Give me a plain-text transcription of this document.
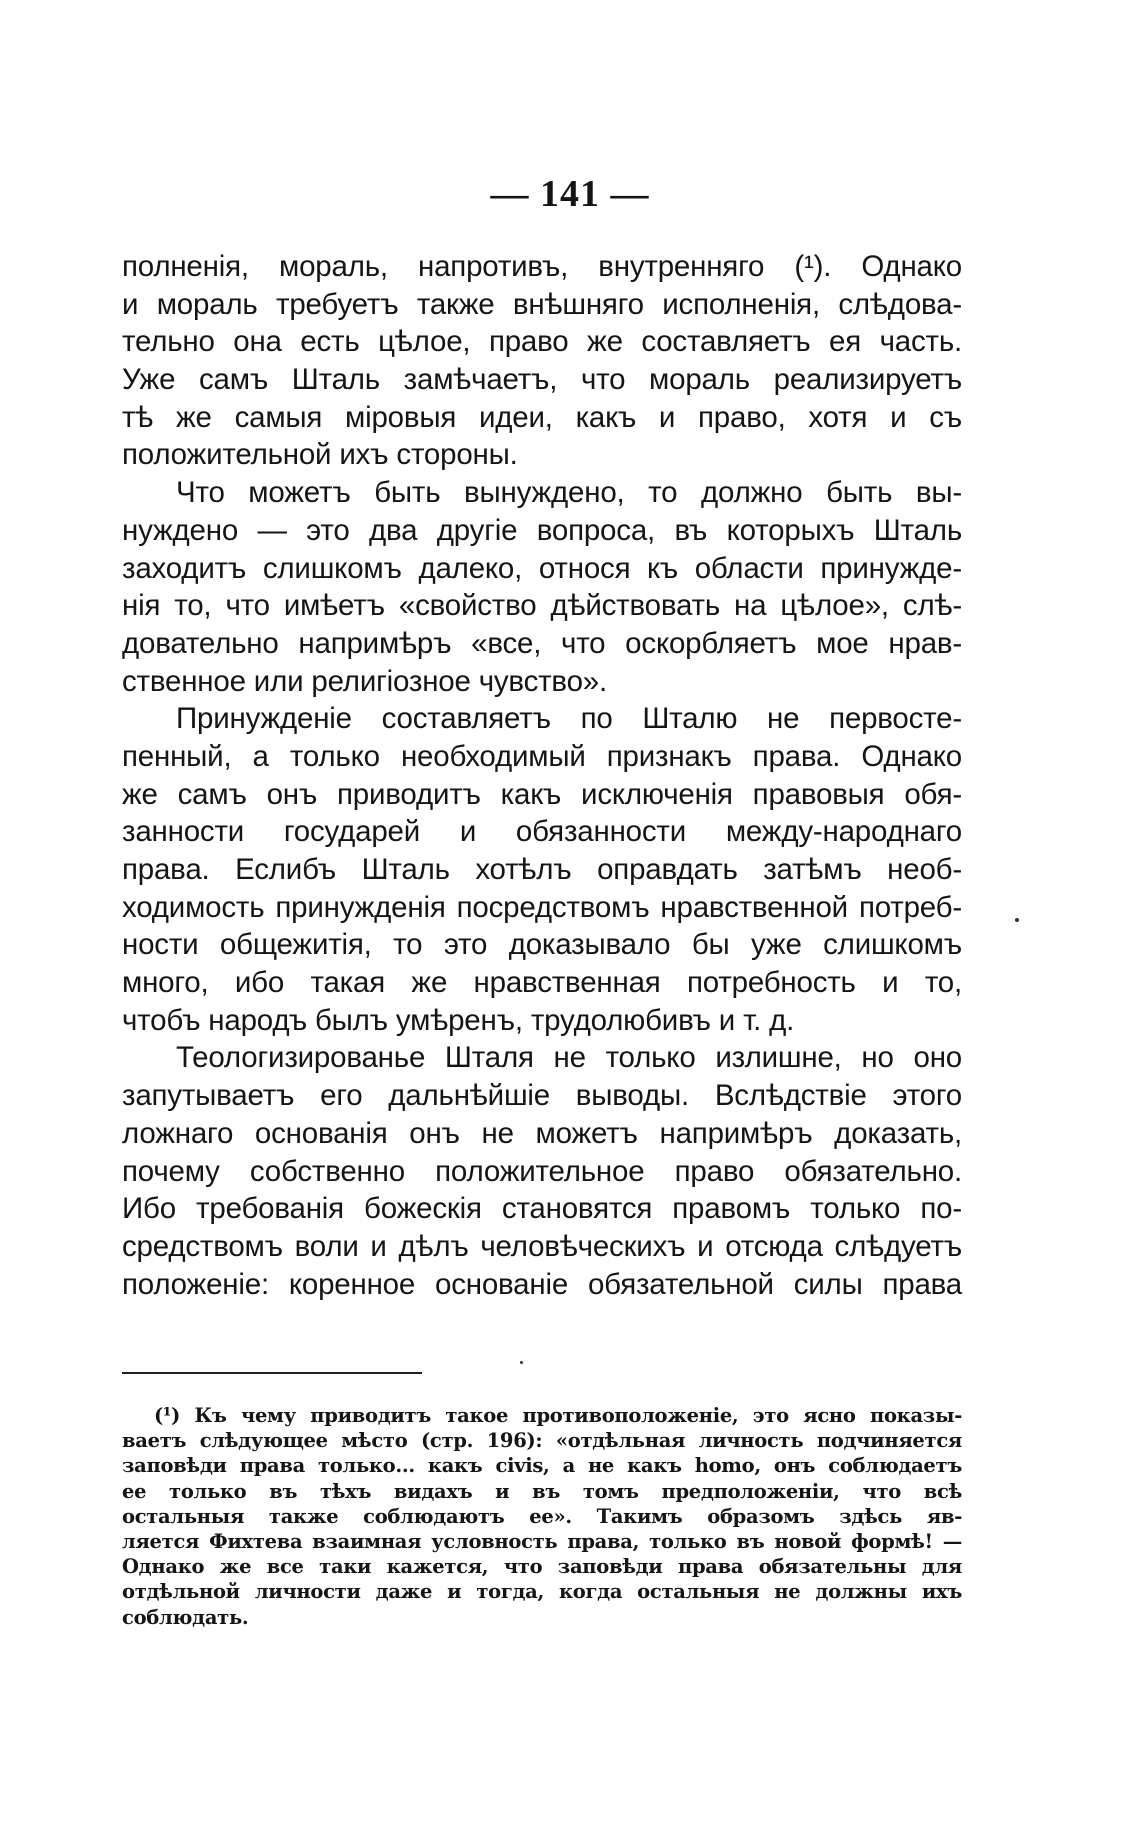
— 141 —
полненія, мораль, напротивъ, внутренняго (¹). Однако
и мораль требуетъ также внѣшняго исполненія, слѣдова-
тельно она есть цѣлое, право же составляетъ ея часть.
Уже самъ Шталь замѣчаетъ, что мораль реализируетъ
тѣ же самыя міровыя идеи, какъ и право, хотя и съ
положительной ихъ стороны.
Что можетъ быть вынуждено, то должно быть вы-
нуждено — это два другіе вопроса, въ которыхъ Шталь
заходитъ слишкомъ далеко, относя къ области принужде-
нія то, что имѣетъ «свойство дѣйствовать на цѣлое», слѣ-
довательно напримѣръ «все, что оскорбляетъ мое нрав-
ственное или религіозное чувство».
Принужденіе составляетъ по Шталю не первосте-
пенный, а только необходимый признакъ права. Однако
же самъ онъ приводитъ какъ исключенія правовыя обя-
занности государей и обязанности между-народнаго
права. Еслибъ Шталь хотѣлъ оправдать затѣмъ необ-
ходимость принужденія посредствомъ нравственной потреб-
ности общежитія, то это доказывало бы уже слишкомъ
много, ибо такая же нравственная потребность и то,
чтобъ народъ былъ умѣренъ, трудолюбивъ и т. д.
Теологизированье Шталя не только излишне, но оно
запутываетъ его дальнѣйшіе выводы. Вслѣдствіе этого
ложнаго основанія онъ не можетъ напримѣръ доказать,
почему собственно положительное право обязательно.
Ибо требованія божескія становятся правомъ только по-
средствомъ воли и дѣлъ человѣческихъ и отсюда слѣдуетъ
положеніе: коренное основаніе обязательной силы права
(¹) Къ чему приводитъ такое противоположеніе, это ясно показы-
ваетъ слѣдующее мѣсто (стр. 196): «отдѣльная личность подчиняется
заповѣди права только... какъ civis, а не какъ homo, онъ соблюдаетъ
ее только въ тѣхъ видахъ и въ томъ предположеніи, что всѣ
остальныя также соблюдаютъ ее». Такимъ образомъ здѣсь яв-
ляется Фихтева взаимная условность права, только въ новой формѣ! —
Однако же все таки кажется, что заповѣди права обязательны для
отдѣльной личности даже и тогда, когда остальныя не должны ихъ
соблюдать.
